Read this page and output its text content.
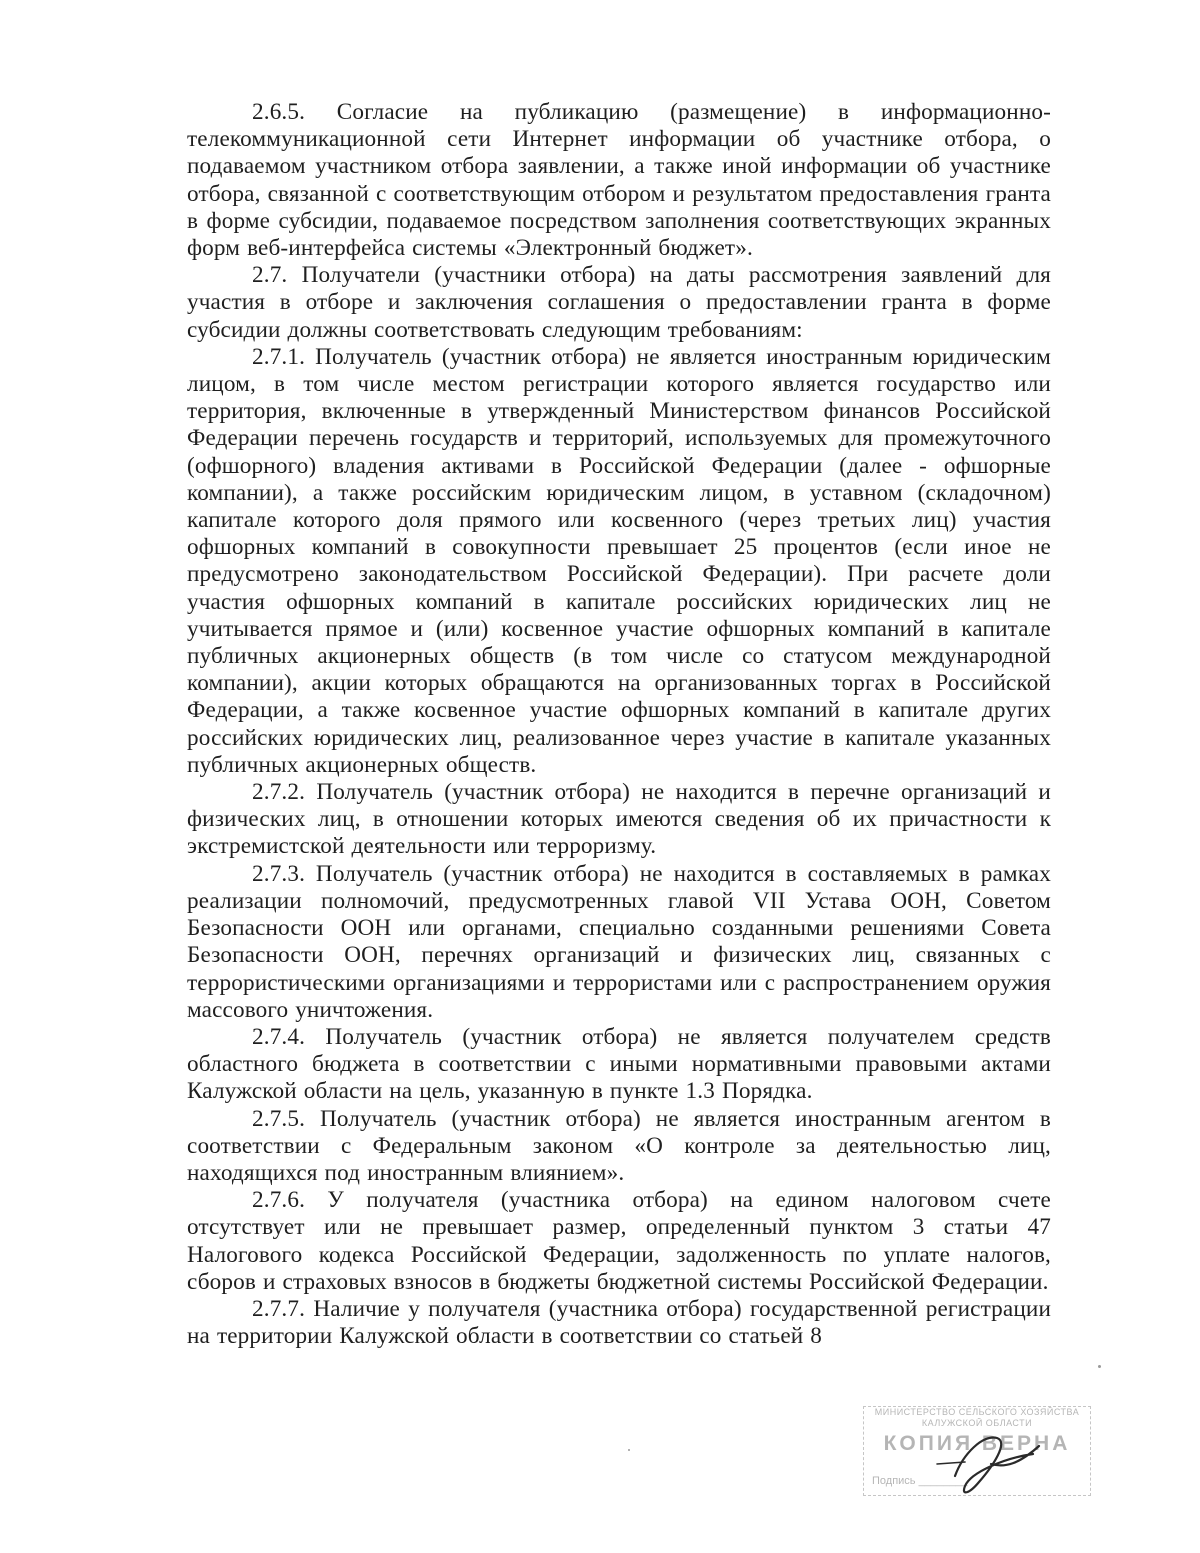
2.6.5. Согласие на публикацию (размещение) в информационно-телекоммуникационной сети Интернет информации об участнике отбора, о подаваемом участником отбора заявлении, а также иной информации об участнике отбора, связанной с соответствующим отбором и результатом предоставления гранта в форме субсидии, подаваемое посредством заполнения соответствующих экранных форм веб-интерфейса системы «Электронный бюджет».

2.7. Получатели (участники отбора) на даты рассмотрения заявлений для участия в отборе и заключения соглашения о предоставлении гранта в форме субсидии должны соответствовать следующим требованиям:

2.7.1. Получатель (участник отбора) не является иностранным юридическим лицом, в том числе местом регистрации которого является государство или территория, включенные в утвержденный Министерством финансов Российской Федерации перечень государств и территорий, используемых для промежуточного (офшорного) владения активами в Российской Федерации (далее - офшорные компании), а также российским юридическим лицом, в уставном (складочном) капитале которого доля прямого или косвенного (через третьих лиц) участия офшорных компаний в совокупности превышает 25 процентов (если иное не предусмотрено законодательством Российской Федерации). При расчете доли участия офшорных компаний в капитале российских юридических лиц не учитывается прямое и (или) косвенное участие офшорных компаний в капитале публичных акционерных обществ (в том числе со статусом международной компании), акции которых обращаются на организованных торгах в Российской Федерации, а также косвенное участие офшорных компаний в капитале других российских юридических лиц, реализованное через участие в капитале указанных публичных акционерных обществ.

2.7.2. Получатель (участник отбора) не находится в перечне организаций и физических лиц, в отношении которых имеются сведения об их причастности к экстремистской деятельности или терроризму.

2.7.3. Получатель (участник отбора) не находится в составляемых в рамках реализации полномочий, предусмотренных главой VII Устава ООН, Советом Безопасности ООН или органами, специально созданными решениями Совета Безопасности ООН, перечнях организаций и физических лиц, связанных с террористическими организациями и террористами или с распространением оружия массового уничтожения.

2.7.4. Получатель (участник отбора) не является получателем средств областного бюджета в соответствии с иными нормативными правовыми актами Калужской области на цель, указанную в пункте 1.3 Порядка.

2.7.5. Получатель (участник отбора) не является иностранным агентом в соответствии с Федеральным законом «О контроле за деятельностью лиц, находящихся под иностранным влиянием».

2.7.6. У получателя (участника отбора) на едином налоговом счете отсутствует или не превышает размер, определенный пунктом 3 статьи 47 Налогового кодекса Российской Федерации, задолженность по уплате налогов, сборов и страховых взносов в бюджеты бюджетной системы Российской Федерации.

2.7.7. Наличие у получателя (участника отбора) государственной регистрации на территории Калужской области в соответствии со статьей 8

МИНИСТЕРСТВО СЕЛЬСКОГО ХОЗЯЙСТВА
КАЛУЖСКОЙ ОБЛАСТИ
КОПИЯ ВЕРНА
Подпись ________
